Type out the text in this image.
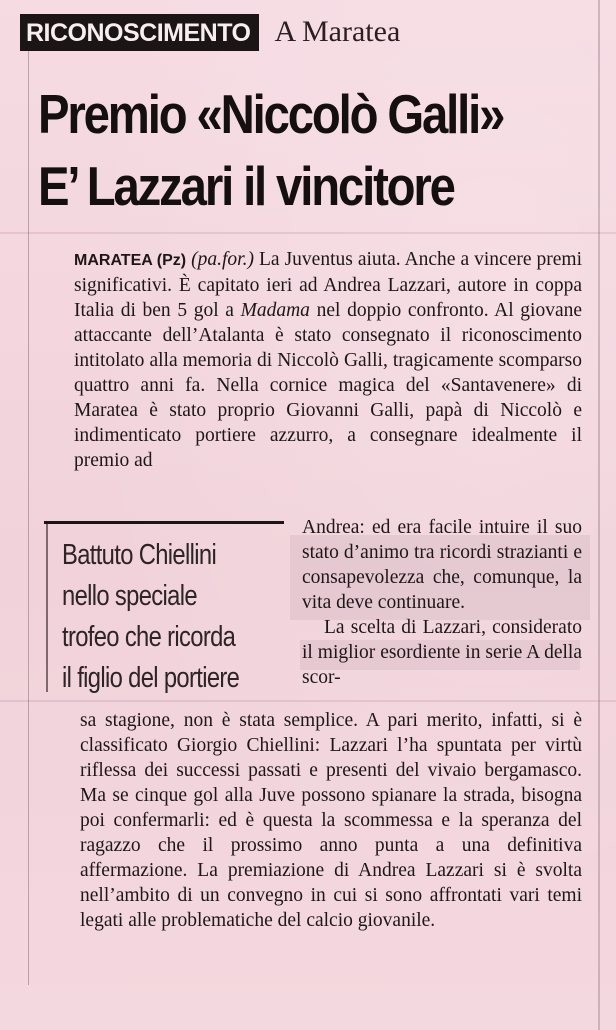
RICONOSCIMENTO A Maratea
Premio «Niccolò Galli»
E’ Lazzari il vincitore

MARATEA (Pz) (pa.for.) La Juventus aiuta. Anche a vincere premi significativi. È capitato ieri ad Andrea Lazzari, autore in coppa Italia di ben 5 gol a Madama nel doppio confronto. Al giovane attaccante dell’Atalanta è stato consegnato il riconoscimento intitolato alla memoria di Niccolò Galli, tragicamente scomparso quattro anni fa. Nella cornice magica del «Santavenere» di Maratea è stato proprio Giovanni Galli, papà di Niccolò e indimenticato portiere azzurro, a consegnare idealmente il premio ad

Battuto Chiellini
nello speciale
trofeo che ricorda
il figlio del portiere

Andrea: ed era facile intuire il suo stato d’animo tra ricordi strazianti e consapevolezza che, comunque, la vita deve continuare.

La scelta di Lazzari, considerato il miglior esordiente in serie A della scor-

sa stagione, non è stata semplice. A pari merito, infatti, si è classificato Giorgio Chiellini: Lazzari l’ha spuntata per virtù riflessa dei successi passati e presenti del vivaio bergamasco. Ma se cinque gol alla Juve possono spianare la strada, bisogna poi confermarli: ed è questa la scommessa e la speranza del ragazzo che il prossimo anno punta a una definitiva affermazione. La premiazione di Andrea Lazzari si è svolta nell’ambito di un convegno in cui si sono affrontati vari temi legati alle problematiche del calcio giovanile.
